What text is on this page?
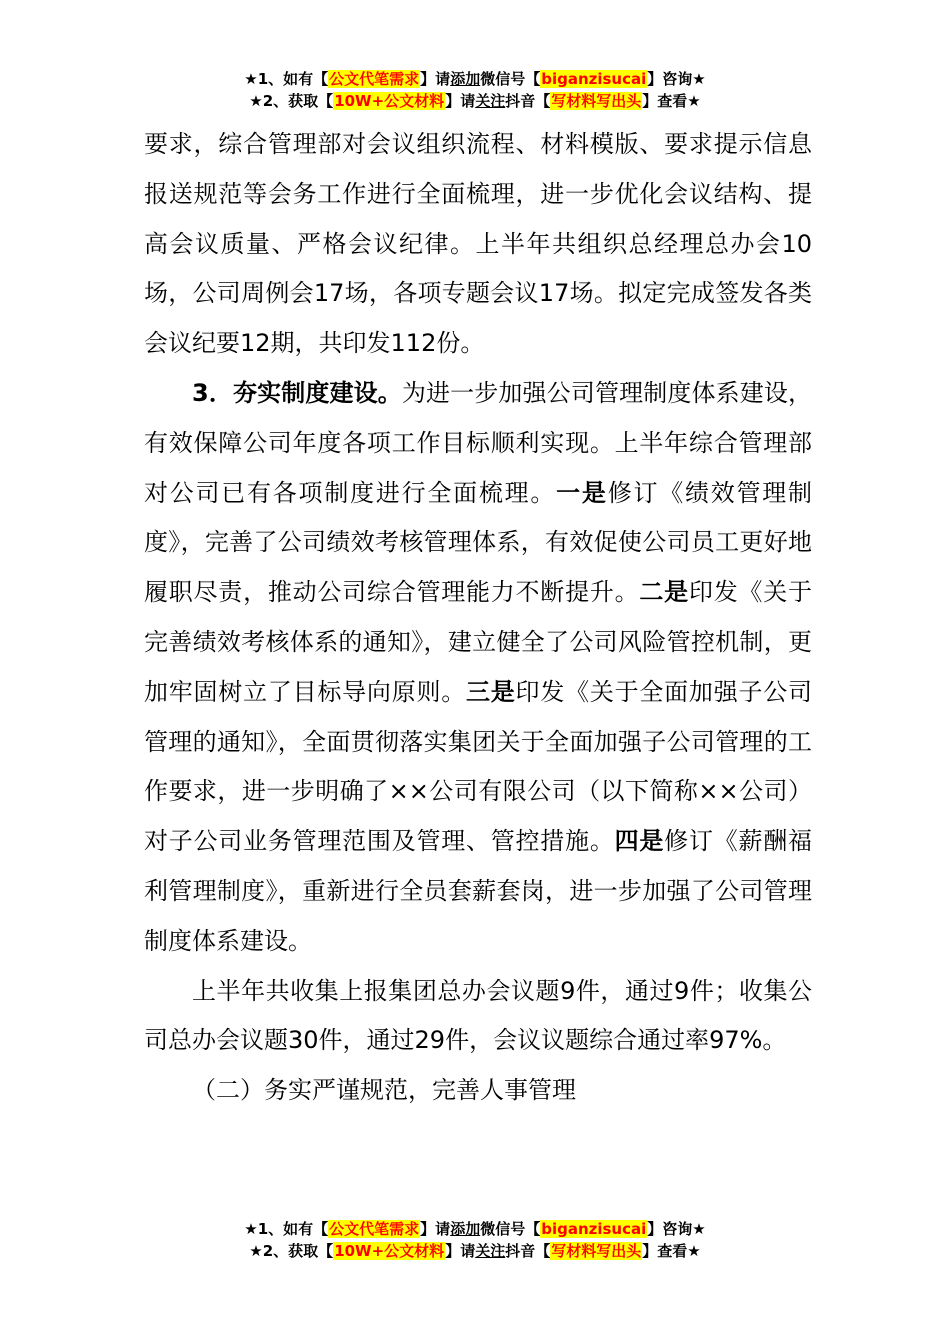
★1、如有【公文代笔需求】请添加微信号【biganzisucai】咨询★
★2、获取【10W+公文材料】请关注抖音【写材料写出头】查看★

要求，综合管理部对会议组织流程、材料模版、要求提示信息报送规范等会务工作进行全面梳理，进一步优化会议结构、提高会议质量、严格会议纪律。上半年共组织总经理总办会10场，公司周例会17场，各项专题会议17场。拟定完成签发各类会议纪要12期，共印发112份。

3．夯实制度建设。为进一步加强公司管理制度体系建设，有效保障公司年度各项工作目标顺利实现。上半年综合管理部对公司已有各项制度进行全面梳理。一是修订《绩效管理制度》，完善了公司绩效考核管理体系，有效促使公司员工更好地履职尽责，推动公司综合管理能力不断提升。二是印发《关于完善绩效考核体系的通知》，建立健全了公司风险管控机制，更加牢固树立了目标导向原则。三是印发《关于全面加强子公司管理的通知》，全面贯彻落实集团关于全面加强子公司管理的工作要求，进一步明确了××公司有限公司（以下简称××公司）对子公司业务管理范围及管理、管控措施。四是修订《薪酬福利管理制度》，重新进行全员套薪套岗，进一步加强了公司管理制度体系建设。

上半年共收集上报集团总办会议题9件，通过9件；收集公司总办会议题30件，通过29件，会议议题综合通过率97%。

（二）务实严谨规范，完善人事管理

★1、如有【公文代笔需求】请添加微信号【biganzisucai】咨询★
★2、获取【10W+公文材料】请关注抖音【写材料写出头】查看★
